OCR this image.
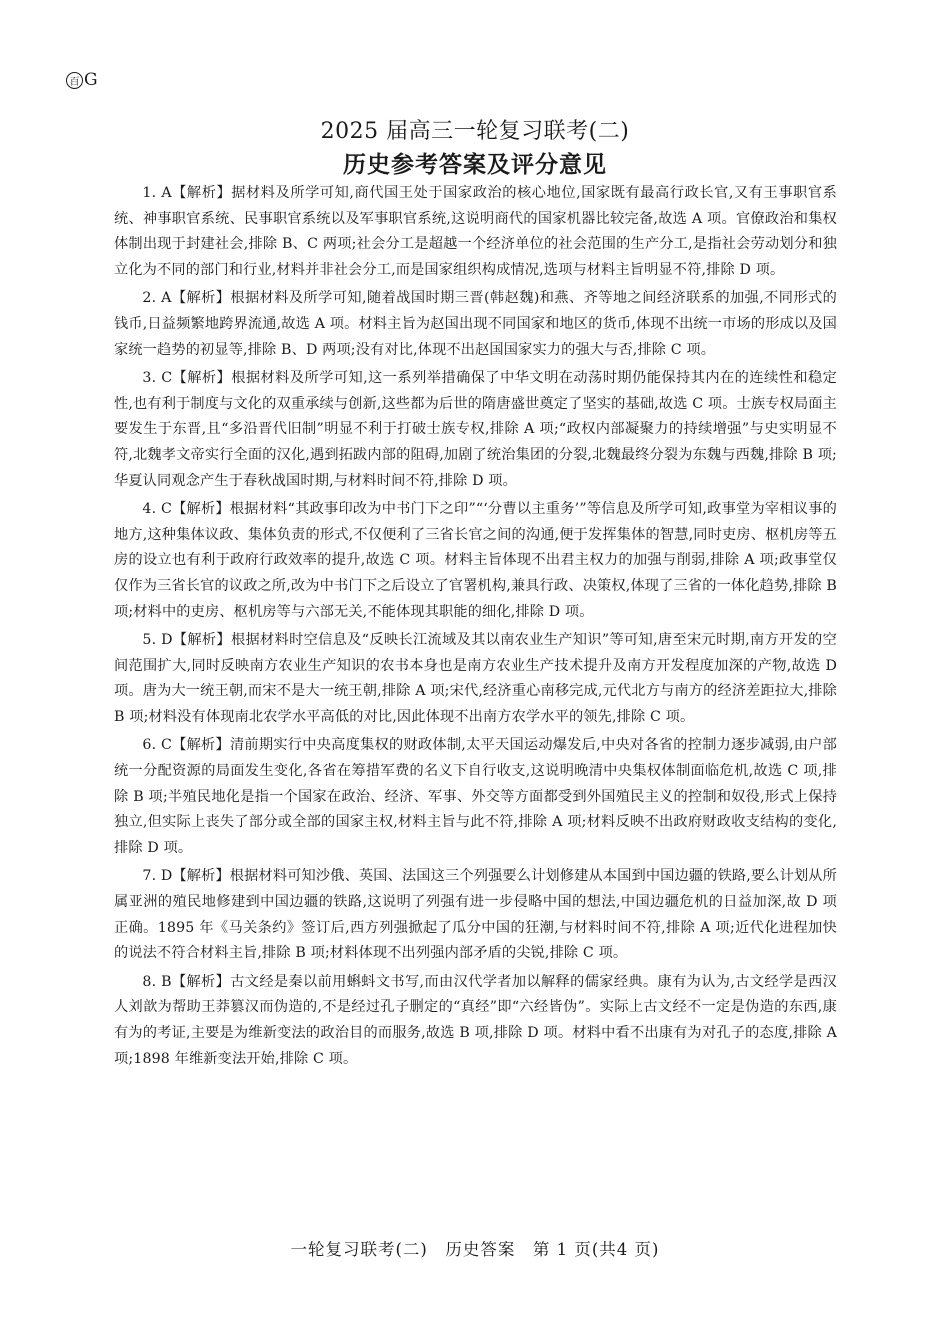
百 G
2025 届高三一轮复习联考(二)
历史参考答案及评分意见

1. A【解析】据材料及所学可知,商代国王处于国家政治的核心地位,国家既有最高行政长官,又有王事职官系统、神事职官系统、民事职官系统以及军事职官系统,这说明商代的国家机器比较完备,故选 A 项。官僚政治和集权体制出现于封建社会,排除 B、C 两项;社会分工是超越一个经济单位的社会范围的生产分工,是指社会劳动划分和独立化为不同的部门和行业,材料并非社会分工,而是国家组织构成情况,选项与材料主旨明显不符,排除 D 项。

2. A【解析】根据材料及所学可知,随着战国时期三晋(韩赵魏)和燕、齐等地之间经济联系的加强,不同形式的钱币,日益频繁地跨界流通,故选 A 项。材料主旨为赵国出现不同国家和地区的货币,体现不出统一市场的形成以及国家统一趋势的初显等,排除 B、D 两项;没有对比,体现不出赵国国家实力的强大与否,排除 C 项。

3. C【解析】根据材料及所学可知,这一系列举措确保了中华文明在动荡时期仍能保持其内在的连续性和稳定性,也有利于制度与文化的双重承续与创新,这些都为后世的隋唐盛世奠定了坚实的基础,故选 C 项。士族专权局面主要发生于东晋,且“多沿晋代旧制”明显不利于打破士族专权,排除 A 项;“政权内部凝聚力的持续增强”与史实明显不符,北魏孝文帝实行全面的汉化,遇到拓跋内部的阻碍,加剧了统治集团的分裂,北魏最终分裂为东魏与西魏,排除 B 项;华夏认同观念产生于春秋战国时期,与材料时间不符,排除 D 项。

4. C【解析】根据材料“其政事印改为中书门下之印”“‘分曹以主重务’”等信息及所学可知,政事堂为宰相议事的地方,这种集体议政、集体负责的形式,不仅便利了三省长官之间的沟通,便于发挥集体的智慧,同时吏房、枢机房等五房的设立也有利于政府行政效率的提升,故选 C 项。材料主旨体现不出君主权力的加强与削弱,排除 A 项;政事堂仅仅作为三省长官的议政之所,改为中书门下之后设立了官署机构,兼具行政、决策权,体现了三省的一体化趋势,排除 B 项;材料中的吏房、枢机房等与六部无关,不能体现其职能的细化,排除 D 项。

5. D【解析】根据材料时空信息及“反映长江流域及其以南农业生产知识”等可知,唐至宋元时期,南方开发的空间范围扩大,同时反映南方农业生产知识的农书本身也是南方农业生产技术提升及南方开发程度加深的产物,故选 D 项。唐为大一统王朝,而宋不是大一统王朝,排除 A 项;宋代,经济重心南移完成,元代北方与南方的经济差距拉大,排除 B 项;材料没有体现南北农学水平高低的对比,因此体现不出南方农学水平的领先,排除 C 项。

6. C【解析】清前期实行中央高度集权的财政体制,太平天国运动爆发后,中央对各省的控制力逐步减弱,由户部统一分配资源的局面发生变化,各省在筹措军费的名义下自行收支,这说明晚清中央集权体制面临危机,故选 C 项,排除 B 项;半殖民地化是指一个国家在政治、经济、军事、外交等方面都受到外国殖民主义的控制和奴役,形式上保持独立,但实际上丧失了部分或全部的国家主权,材料主旨与此不符,排除 A 项;材料反映不出政府财政收支结构的变化,排除 D 项。

7. D【解析】根据材料可知沙俄、英国、法国这三个列强要么计划修建从本国到中国边疆的铁路,要么计划从所属亚洲的殖民地修建到中国边疆的铁路,这说明了列强有进一步侵略中国的想法,中国边疆危机的日益加深,故 D 项正确。1895 年《马关条约》签订后,西方列强掀起了瓜分中国的狂潮,与材料时间不符,排除 A 项;近代化进程加快的说法不符合材料主旨,排除 B 项;材料体现不出列强内部矛盾的尖锐,排除 C 项。

8. B【解析】古文经是秦以前用蝌蚪文书写,而由汉代学者加以解释的儒家经典。康有为认为,古文经学是西汉人刘歆为帮助王莽篡汉而伪造的,不是经过孔子删定的“真经”即“六经皆伪”。实际上古文经不一定是伪造的东西,康有为的考证,主要是为维新变法的政治目的而服务,故选 B 项,排除 D 项。材料中看不出康有为对孔子的态度,排除 A 项;1898 年维新变法开始,排除 C 项。

一轮复习联考(二)　历史答案　第 1 页(共4 页)
